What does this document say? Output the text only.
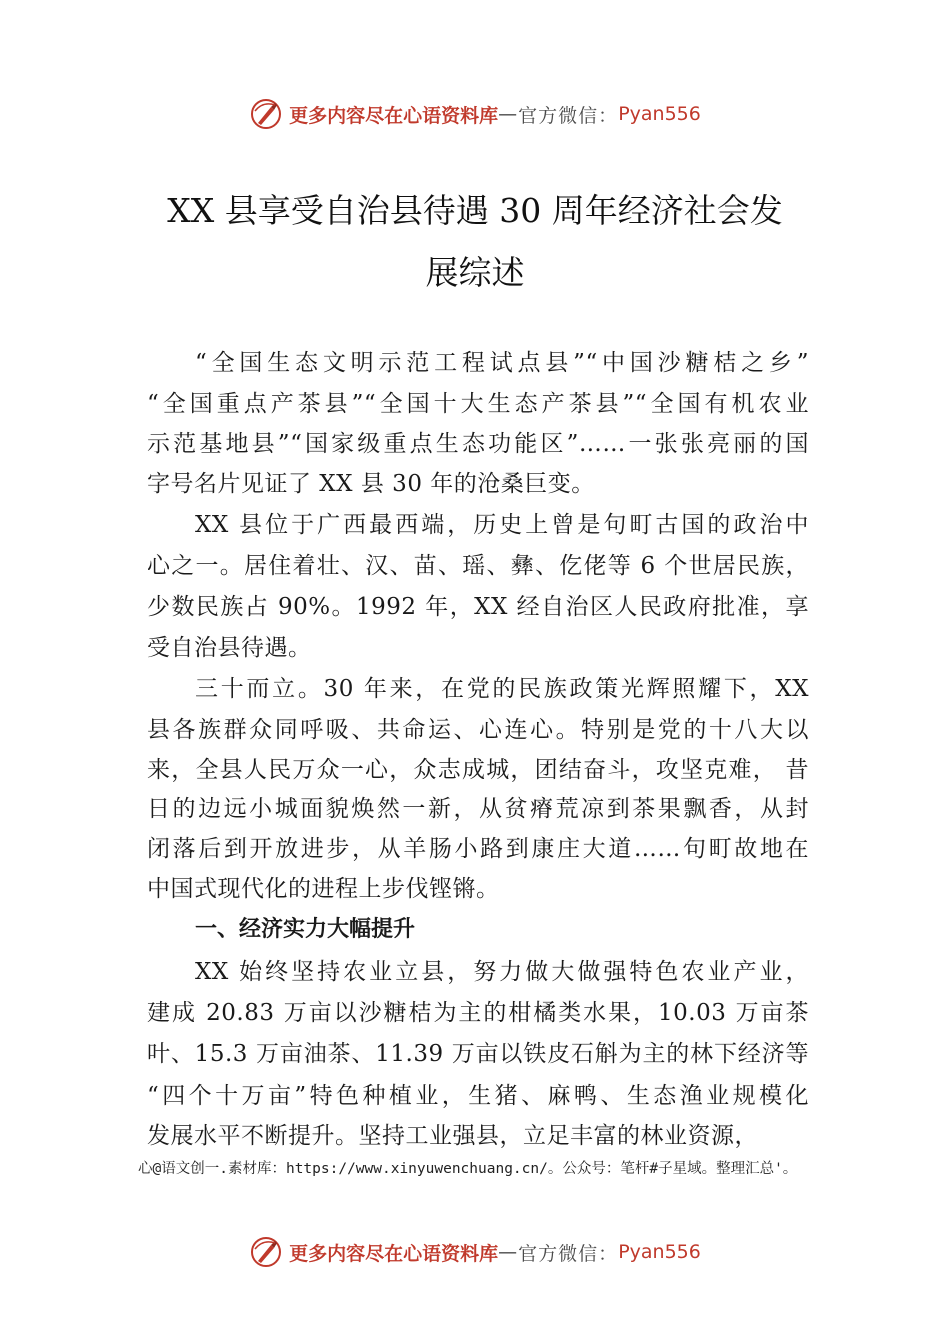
更多内容尽在心语资料库 — 官方微信： Pyan556
XX 县享受自治县待遇 30 周年经济社会发
展综述
“全国生态文明示范工程试点县”“中国沙糖桔之乡”
“全国重点产茶县”“全国十大生态产茶县”“全国有机农业
示范基地县”“国家级重点生态功能区”……一张张亮丽的国
字号名片见证了 XX 县 30 年的沧桑巨变。
XX 县位于广西最西端，历史上曾是句町古国的政治中
心之一。居住着壮、汉、苗、瑶、彝、仡佬等 6 个世居民族，
少数民族占 90%。1992 年，XX 经自治区人民政府批准，享
受自治县待遇。
三十而立。30 年来，在党的民族政策光辉照耀下，XX
县各族群众同呼吸、共命运、心连心。特别是党的十八大以
来，全县人民万众一心，众志成城，团结奋斗，攻坚克难， 昔
日的边远小城面貌焕然一新，从贫瘠荒凉到茶果飘香，从封
闭落后到开放进步，从羊肠小路到康庄大道……句町故地在
中国式现代化的进程上步伐铿锵。
一、经济实力大幅提升
XX 始终坚持农业立县，努力做大做强特色农业产业，
建成 20.83 万亩以沙糖桔为主的柑橘类水果，10.03 万亩茶
叶、15.3 万亩油茶、11.39 万亩以铁皮石斛为主的林下经济等
“四个十万亩”特色种植业，生猪、麻鸭、生态渔业规模化
发展水平不断提升。坚持工业强县，立足丰富的林业资源，
心@语文创一.素材库：https://www.xinyuwenchuang.cn/。公众号：笔杆#子星域。整理汇总'。
更多内容尽在心语资料库 — 官方微信： Pyan556
